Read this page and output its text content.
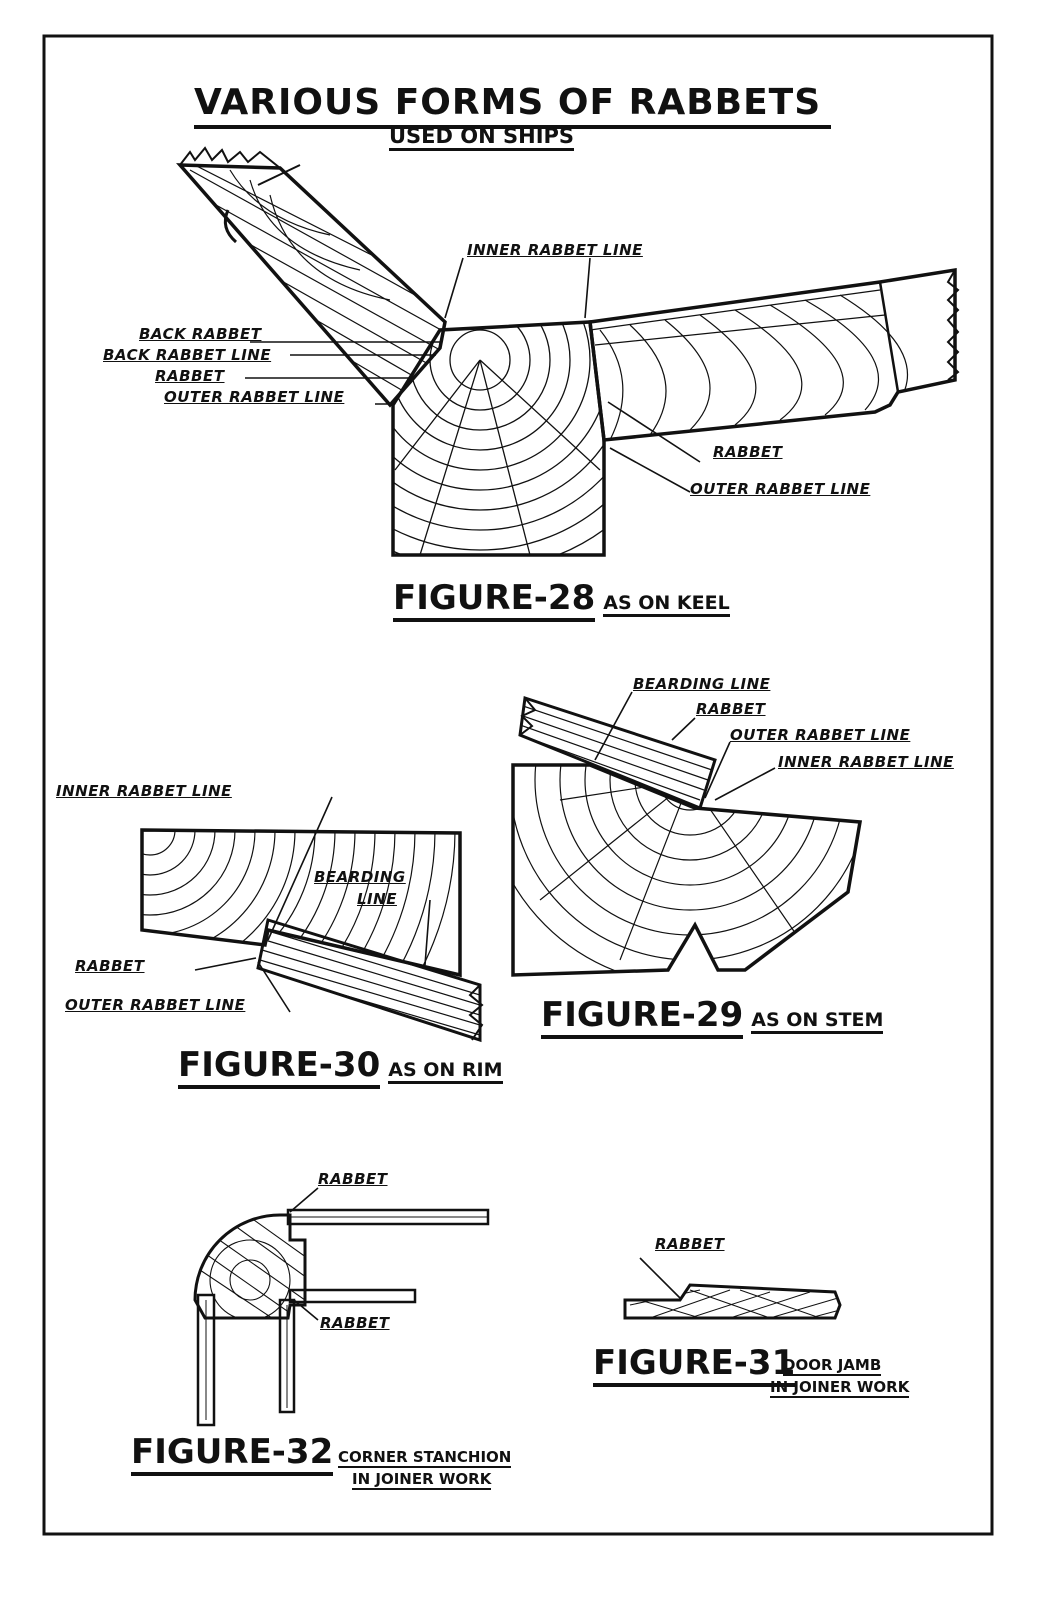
VARIOUS FORMS OF RABBETS
USED ON SHIPS
INNER RABBET LINE
BACK RABBET
BACK RABBET LINE
RABBET
OUTER RABBET LINE
RABBET
OUTER RABBET LINE
FIGURE-28 AS ON KEEL
BEARDING LINE
RABBET
OUTER RABBET LINE
INNER RABBET LINE
FIGURE-29 AS ON STEM
INNER RABBET LINE
BEARDING
LINE
RABBET
OUTER RABBET LINE
FIGURE-30 AS ON RIM
RABBET
FIGURE-31
DOOR JAMB
IN JOINER WORK
RABBET
RABBET
FIGURE-32 CORNER STANCHION
IN JOINER WORK
